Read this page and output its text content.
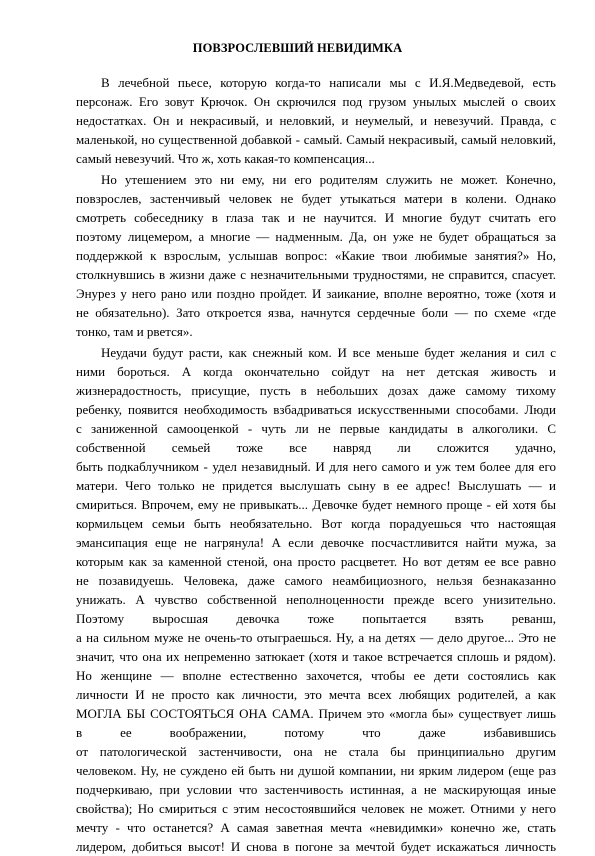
ПОВЗРОСЛЕВШИЙ НЕВИДИМКА
В лечебной пьесе, которую когда-то написали мы с И.Я.Медведевой, есть
персонаж. Его зовут Крючок. Он скрючился под грузом унылых мыслей о своих
недостатках. Он и некрасивый, и неловкий, и неумелый, и невезучий. Правда, с
маленькой, но существенной добавкой - самый. Самый некрасивый, самый неловкий,
самый невезучий. Что ж, хоть какая-то компенсация...
Но утешением это ни ему, ни его родителям служить не может. Конечно,
повзрослев, застенчивый человек не будет утыкаться матери в колени. Однако
смотреть собеседнику в глаза так и не научится. И многие будут считать его
поэтому лицемером, а многие — надменным. Да, он уже не будет обращаться за
поддержкой к взрослым, услышав вопрос: «Какие твои любимые занятия?» Но,
столкнувшись в жизни даже с незначительными трудностями, не справится, спасует.
Энурез у него рано или поздно пройдет. И заикание, вполне вероятно, тоже (хотя и
не обязательно). Зато откроется язва, начнутся сердечные боли — по схеме «где
тонко, там и рвется».
Неудачи будут расти, как снежный ком. И все меньше будет желания и сил с
ними бороться. А когда окончательно сойдут на нет детская живость и
жизнерадостность, присущие, пусть в небольших дозах даже самому тихому
ребенку, появится необходимость взбадриваться искусственными способами. Люди
с заниженной самооценкой - чуть ли не первые кандидаты в алкоголики. С
собственной семьей тоже все навряд ли сложится удачно,
быть подкаблучником - удел незавидный. И для него самого и уж тем более для его
матери. Чего только не придется выслушать сыну в ее адрес! Выслушать — и
смириться. Впрочем, ему не привыкать... Девочке будет немного проще - ей хотя бы
кормильцем семьи быть необязательно. Вот когда порадуешься что настоящая
эмансипация еще не нагрянула! А если девочке посчастливится найти мужа, за
которым как за каменной стеной, она просто расцветет. Но вот детям ее все равно
не позавидуешь. Человека, даже самого неамбициозного, нельзя безнаказанно
унижать. А чувство собственной неполноценности прежде всего унизительно.
Поэтому выросшая девочка тоже попытается взять реванш,
а на сильном муже не очень-то отыграешься. Ну, а на детях — дело другое... Это не
значит, что она их непременно затюкает (хотя и такое встречается сплошь и рядом).
Но женщине — вполне естественно захочется, чтобы ее дети состоялись как
личности И не просто как личности, это мечта всех любящих родителей, а как
МОГЛА БЫ СОСТОЯТЬСЯ ОНА САМА. Причем это «могла бы» существует лишь
в ее воображении, потому что даже избавившись
от патологической застенчивости, она не стала бы принципиально другим
человеком. Ну, не суждено ей быть ни душой компании, ни ярким лидером (еще раз
подчеркиваю, при условии что застенчивость истинная, а не маскирующая иные
свойства); Но смириться с этим несостоявшийся человек не может. Отними у него
мечту - что останется? А самая заветная мечта «невидимки» конечно же, стать
лидером, добиться высот! И снова в погоне за мечтой будет искажаться личность
